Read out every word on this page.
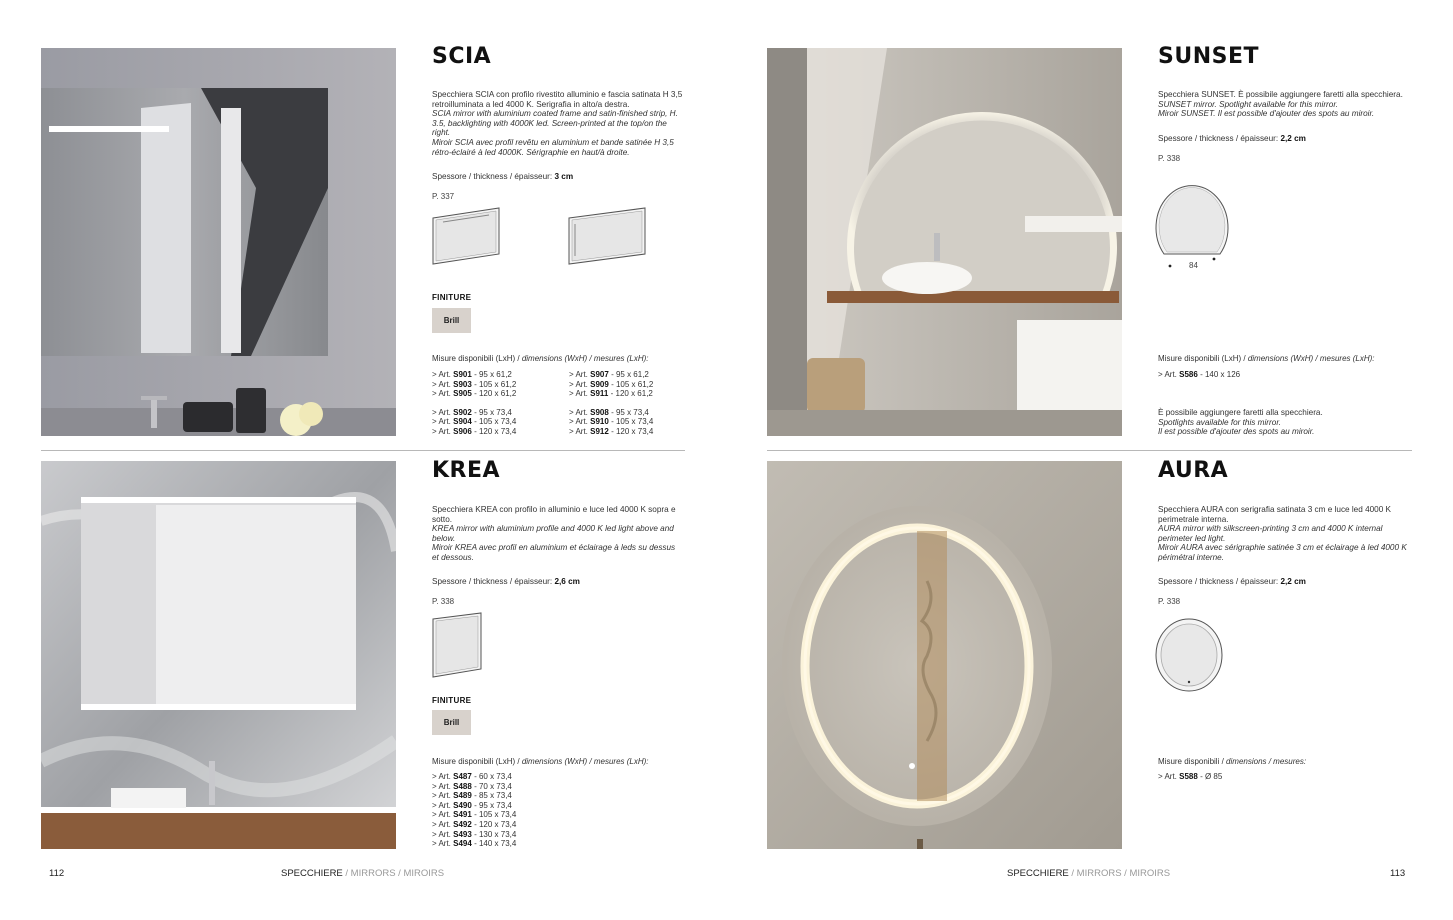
SCIA
Specchiera SCIA con profilo rivestito alluminio e fascia satinata H 3,5 retroilluminata a led 4000 K. Serigrafia in alto/a destra.
SCIA mirror with aluminium coated frame and satin-finished strip, H. 3.5, backlighting with 4000K led. Screen-printed at the top/on the right.
Miroir SCIA avec profil revêtu en aluminium et bande satinée H 3,5 rétro-éclairé à led 4000K. Sérigraphie en haut/à droite.
Spessore / thickness / épaisseur: 3 cm
P. 337
FINITURE
Brill
Misure disponibili (LxH) / dimensions (WxH) / mesures (LxH):
> Art. S901 - 95 x 61,2
> Art. S903 - 105 x 61,2
> Art. S905 - 120 x 61,2
> Art. S902 - 95 x 73,4
> Art. S904 - 105 x 73,4
> Art. S906 - 120 x 73,4
> Art. S907 - 95 x 61,2
> Art. S909 - 105 x 61,2
> Art. S911 - 120 x 61,2
> Art. S908 - 95 x 73,4
> Art. S910 - 105 x 73,4
> Art. S912 - 120 x 73,4
KREA
Specchiera KREA con profilo in alluminio e luce led 4000 K sopra e sotto.
KREA mirror with aluminium profile and 4000 K led light above and below.
Miroir KREA avec profil en aluminium et éclairage à leds su dessus et dessous.
Spessore / thickness / épaisseur: 2,6 cm
P. 338
FINITURE
Brill
Misure disponibili (LxH) / dimensions (WxH) / mesures (LxH):
> Art. S487 - 60 x 73,4
> Art. S488 - 70 x 73,4
> Art. S489 - 85 x 73,4
> Art. S490 - 95 x 73,4
> Art. S491 - 105 x 73,4
> Art. S492 - 120 x 73,4
> Art. S493 - 130 x 73,4
> Art. S494 - 140 x 73,4
SUNSET
Specchiera SUNSET. È possibile aggiungere faretti alla specchiera.
SUNSET mirror. Spotlight available for this mirror.
Miroir SUNSET. Il est possible d'ajouter des spots au miroir.
Spessore / thickness / épaisseur: 2,2 cm
P. 338
84
Misure disponibili (LxH) / dimensions (WxH) / mesures (LxH):
> Art. S586 - 140 x 126
È possibile aggiungere faretti alla specchiera.
Spotlights available for this mirror.
Il est possible d'ajouter des spots au miroir.
AURA
Specchiera AURA con serigrafia satinata 3 cm e luce led 4000 K perimetrale interna.
AURA mirror with silkscreen-printing 3 cm and 4000 K internal perimeter led light.
Miroir AURA avec sérigraphie satinée 3 cm et éclairage à led 4000 K périmétral interne.
Spessore / thickness / épaisseur: 2,2 cm
P. 338
Misure disponibili / dimensions / mesures:
> Art. S588 - Ø 85
112	SPECCHIERE / MIRRORS / MIROIRS	SPECCHIERE / MIRRORS / MIROIRS	113
